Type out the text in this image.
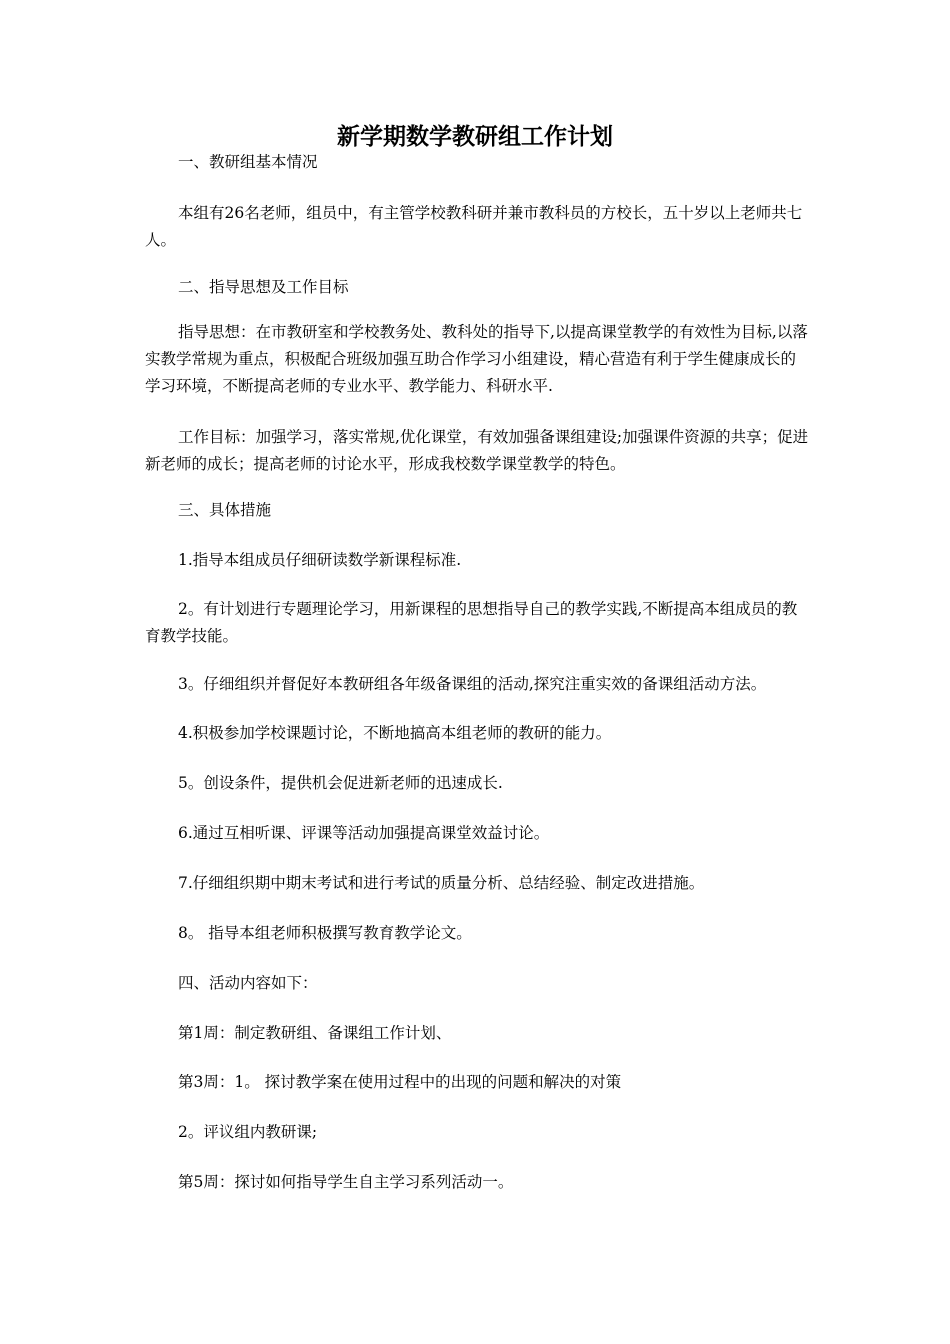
新学期数学教研组工作计划

一、教研组基本情况

本组有26名老师，组员中，有主管学校教科研并兼市教科员的方校长，五十岁以上老师共七人。

二、指导思想及工作目标

指导思想：在市教研室和学校教务处、教科处的指导下,以提高课堂教学的有效性为目标,以落实教学常规为重点，积极配合班级加强互助合作学习小组建设，精心营造有利于学生健康成长的学习环境，不断提高老师的专业水平、教学能力、科研水平.

工作目标：加强学习，落实常规,优化课堂，有效加强备课组建设;加强课件资源的共享；促进新老师的成长；提高老师的讨论水平，形成我校数学课堂教学的特色。

三、具体措施

1.指导本组成员仔细研读数学新课程标准.

2。有计划进行专题理论学习，用新课程的思想指导自己的教学实践,不断提高本组成员的教育教学技能。

3。仔细组织并督促好本教研组各年级备课组的活动,探究注重实效的备课组活动方法。

4.积极参加学校课题讨论，不断地搞高本组老师的教研的能力。

5。创设条件，提供机会促进新老师的迅速成长.

6.通过互相听课、评课等活动加强提高课堂效益讨论。

7.仔细组织期中期末考试和进行考试的质量分析、总结经验、制定改进措施。

8。 指导本组老师积极撰写教育教学论文。

四、活动内容如下：

第1周：制定教研组、备课组工作计划、

第3周：1。 探讨教学案在使用过程中的出现的问题和解决的对策

2。评议组内教研课;

第5周：探讨如何指导学生自主学习系列活动一。
